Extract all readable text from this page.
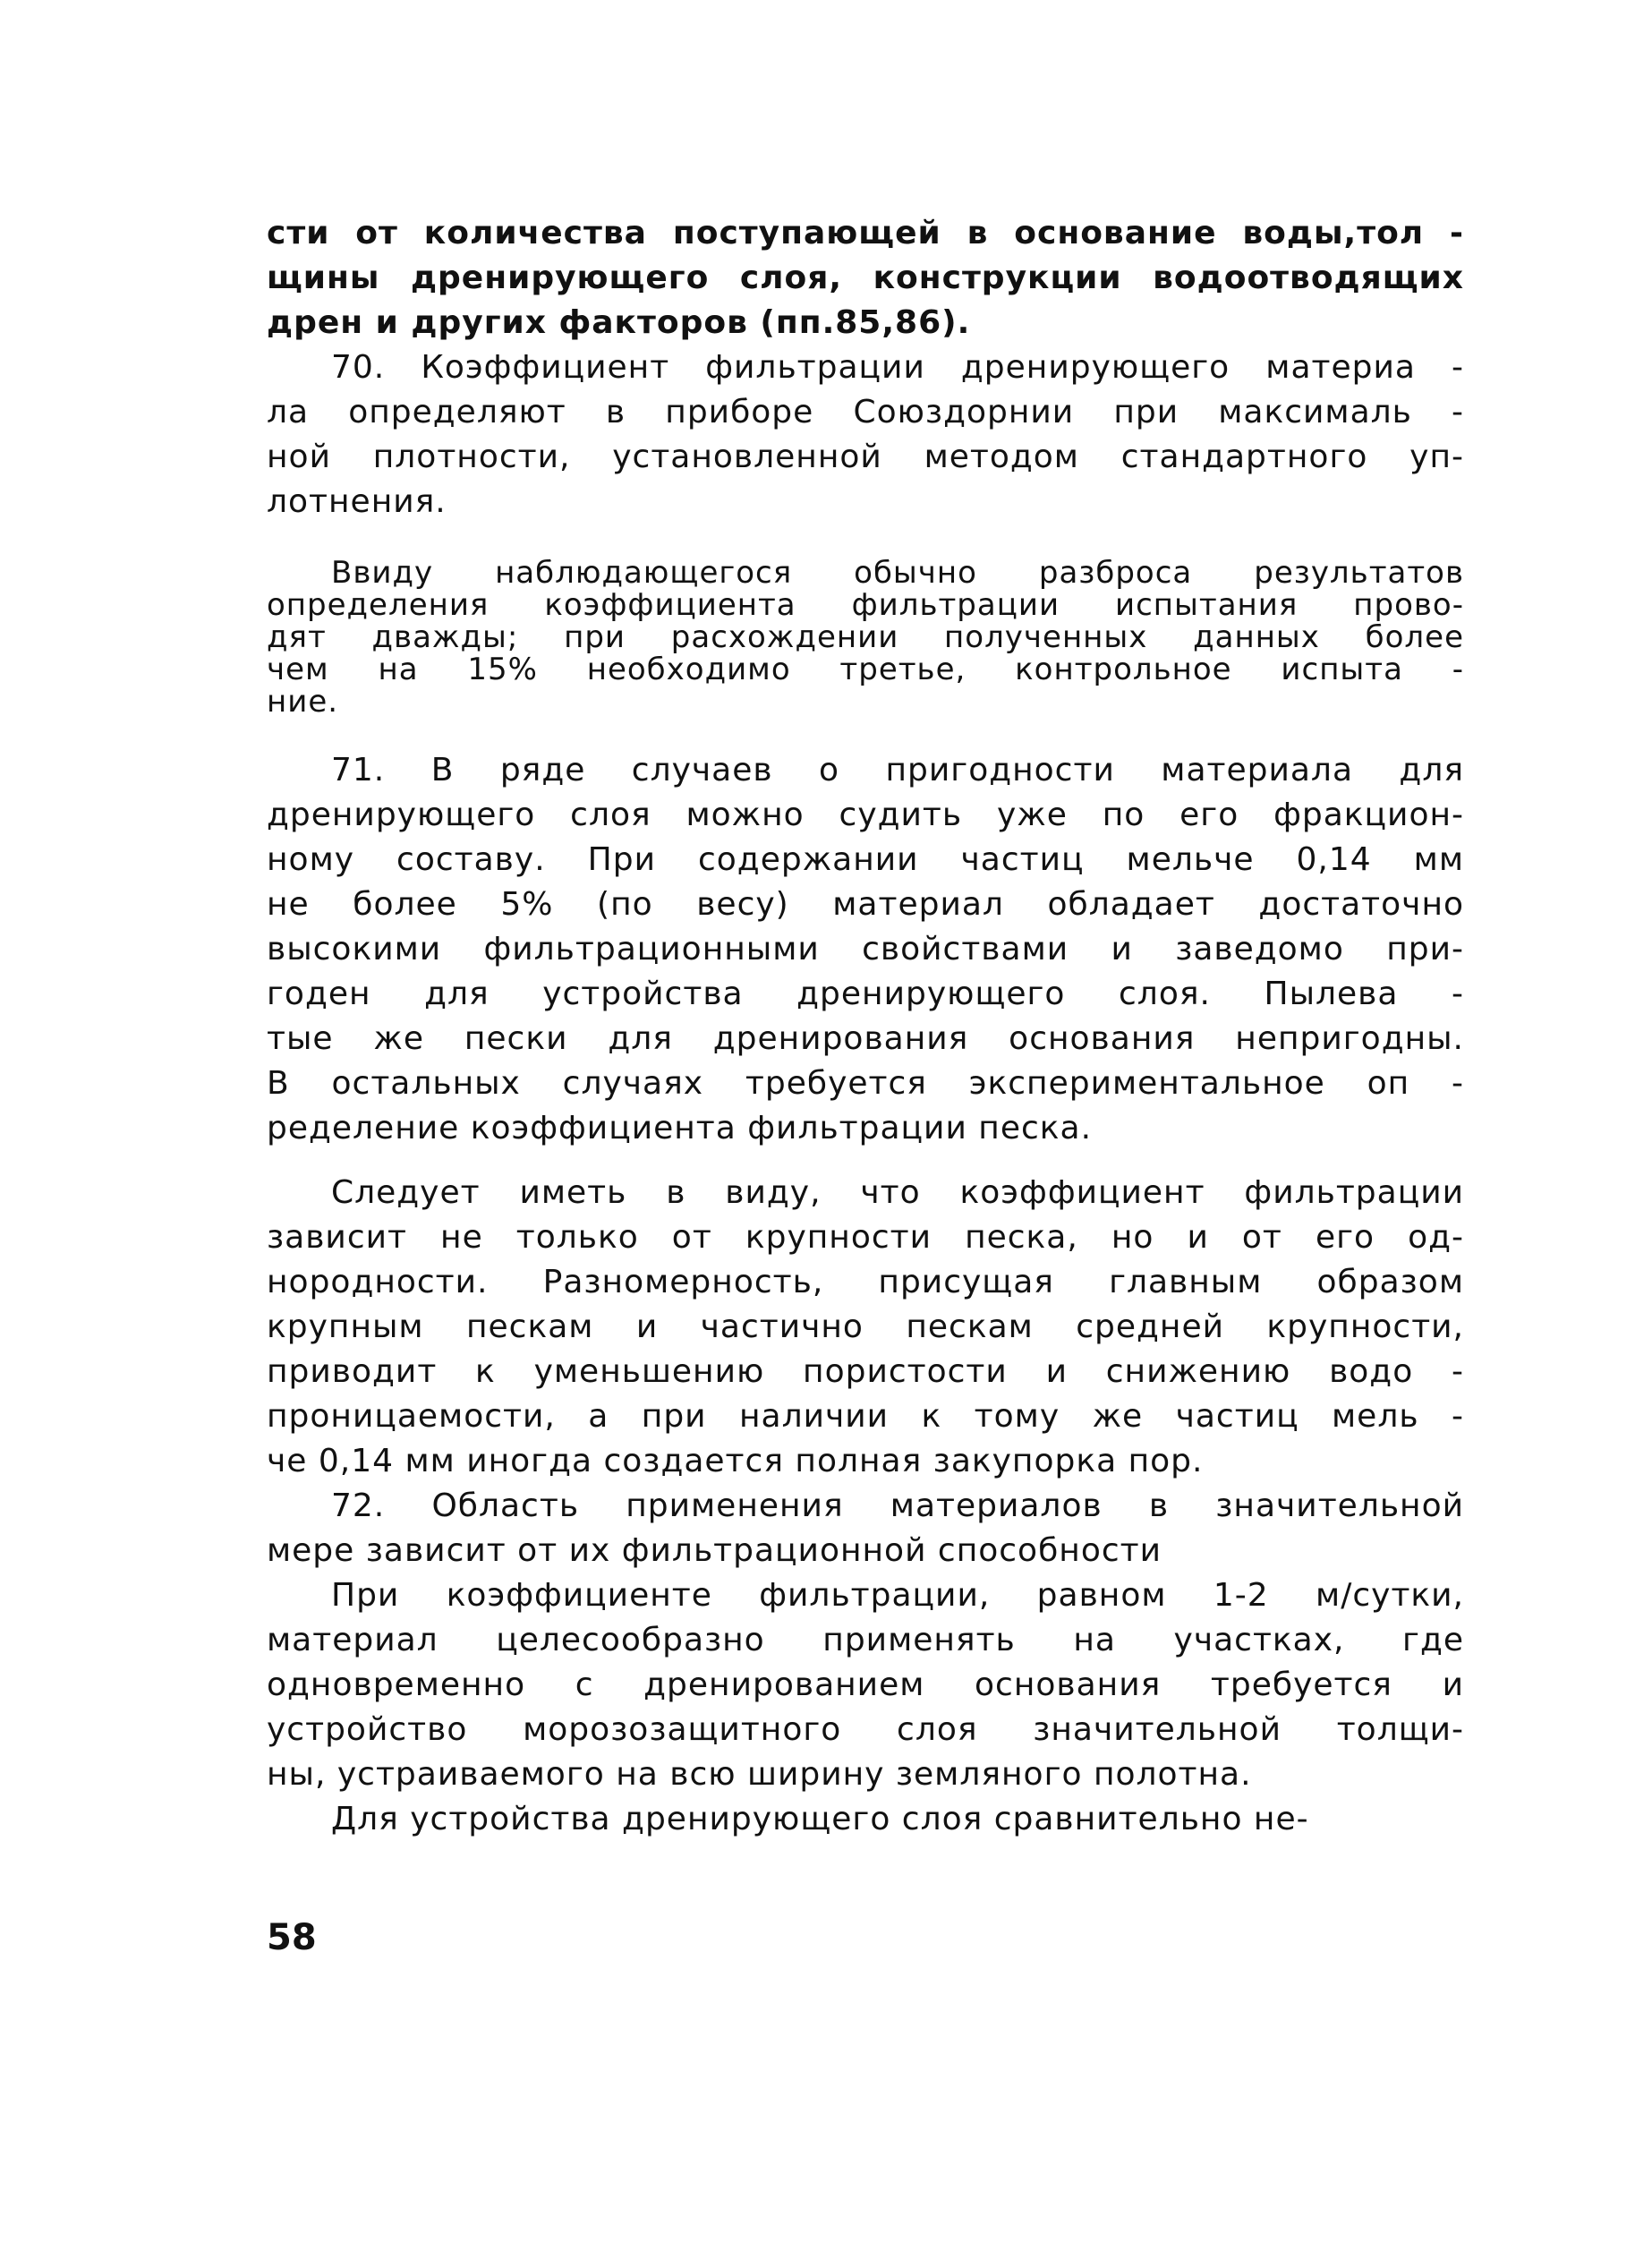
сти от количества поступающей в основание воды,тол -
щины дренирующего слоя, конструкции водоотводящих
дрен и других факторов (пп.85,86).
70. Коэффициент фильтрации дренирующего материа -
ла определяют в приборе Союздорнии при максималь -
ной плотности, установленной методом стандартного уп-
лотнения.
Ввиду наблюдающегося обычно разброса результатов
определения коэффициента фильтрации испытания прово-
дят дважды; при расхождении полученных данных более
чем на 15% необходимо третье, контрольное испыта -
ние.
71. В ряде случаев о пригодности материала для
дренирующего слоя можно судить уже по его фракцион-
ному составу. При содержании частиц мельче 0,14 мм
не более 5% (по весу) материал обладает достаточно
высокими фильтрационными свойствами и заведомо при-
годен для устройства дренирующего слоя. Пылева -
тые же пески для дренирования основания непригодны.
В остальных случаях требуется экспериментальное оп -
ределение коэффициента фильтрации песка.
Следует иметь в виду, что коэффициент фильтрации
зависит не только от крупности песка, но и от его од-
нородности. Разномерность, присущая главным образом
крупным пескам и частично пескам средней крупности,
приводит к уменьшению пористости и снижению водо -
проницаемости, а при наличии к тому же частиц мель -
че 0,14 мм иногда создается полная закупорка пор.
72. Область применения материалов в значительной
мере зависит от их фильтрационной способности
При коэффициенте фильтрации, равном 1-2 м/сутки,
материал целесообразно применять на участках, где
одновременно с дренированием основания требуется и
устройство морозозащитного слоя значительной толщи-
ны, устраиваемого на всю ширину земляного полотна.
Для устройства дренирующего слоя сравнительно не-
58
